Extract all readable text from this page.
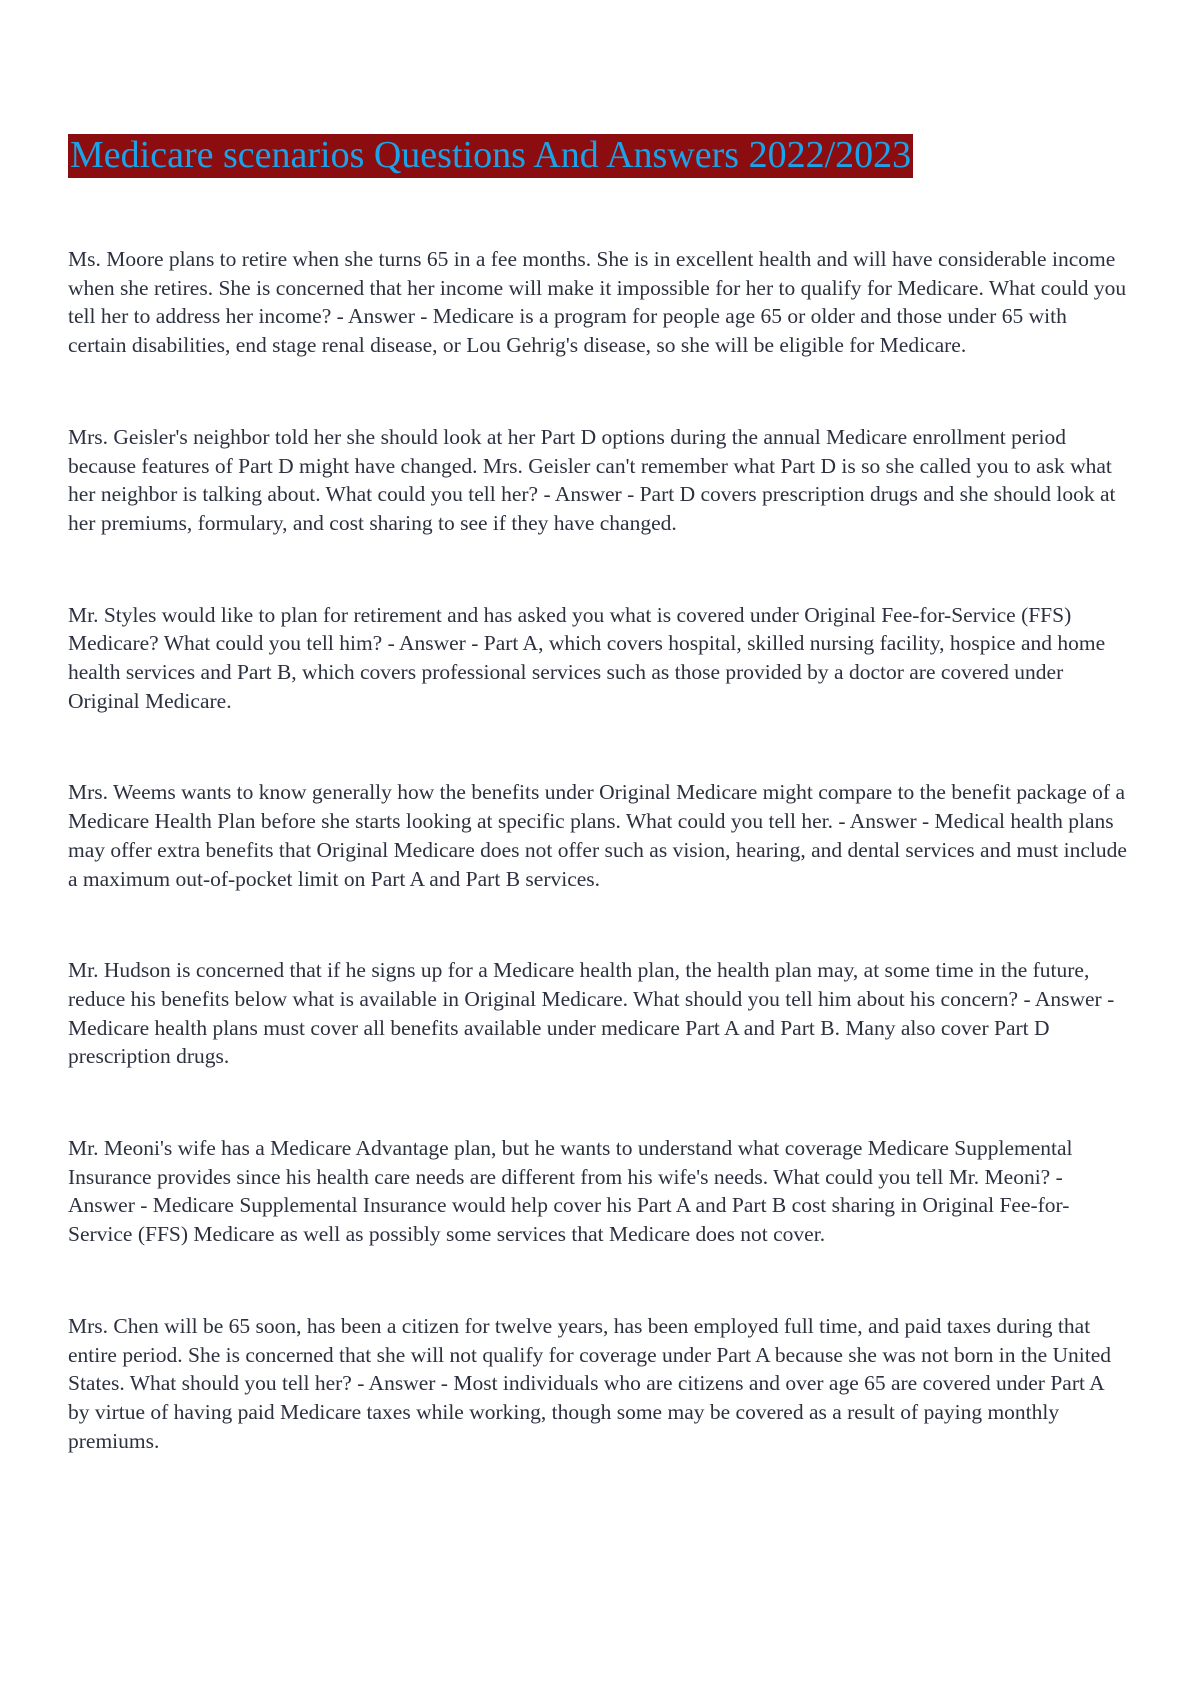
Medicare scenarios Questions And Answers 2022/2023

Ms. Moore plans to retire when she turns 65 in a fee months. She is in excellent health and will have considerable income when she retires. She is concerned that her income will make it impossible for her to qualify for Medicare. What could you tell her to address her income? - Answer - Medicare is a program for people age 65 or older and those under 65 with certain disabilities, end stage renal disease, or Lou Gehrig's disease, so she will be eligible for Medicare.

Mrs. Geisler's neighbor told her she should look at her Part D options during the annual Medicare enrollment period because features of Part D might have changed. Mrs. Geisler can't remember what Part D is so she called you to ask what her neighbor is talking about. What could you tell her? - Answer - Part D covers prescription drugs and she should look at her premiums, formulary, and cost sharing to see if they have changed.

Mr. Styles would like to plan for retirement and has asked you what is covered under Original Fee-for-Service (FFS) Medicare? What could you tell him? - Answer - Part A, which covers hospital, skilled nursing facility, hospice and home health services and Part B, which covers professional services such as those provided by a doctor are covered under Original Medicare.

Mrs. Weems wants to know generally how the benefits under Original Medicare might compare to the benefit package of a Medicare Health Plan before she starts looking at specific plans. What could you tell her. - Answer - Medical health plans may offer extra benefits that Original Medicare does not offer such as vision, hearing, and dental services and must include a maximum out-of-pocket limit on Part A and Part B services.

Mr. Hudson is concerned that if he signs up for a Medicare health plan, the health plan may, at some time in the future, reduce his benefits below what is available in Original Medicare. What should you tell him about his concern? - Answer - Medicare health plans must cover all benefits available under medicare Part A and Part B. Many also cover Part D prescription drugs.

Mr. Meoni's wife has a Medicare Advantage plan, but he wants to understand what coverage Medicare Supplemental Insurance provides since his health care needs are different from his wife's needs. What could you tell Mr. Meoni? - Answer - Medicare Supplemental Insurance would help cover his Part A and Part B cost sharing in Original Fee-for-Service (FFS) Medicare as well as possibly some services that Medicare does not cover.

Mrs. Chen will be 65 soon, has been a citizen for twelve years, has been employed full time, and paid taxes during that entire period. She is concerned that she will not qualify for coverage under Part A because she was not born in the United States. What should you tell her? - Answer - Most individuals who are citizens and over age 65 are covered under Part A by virtue of having paid Medicare taxes while working, though some may be covered as a result of paying monthly premiums.
